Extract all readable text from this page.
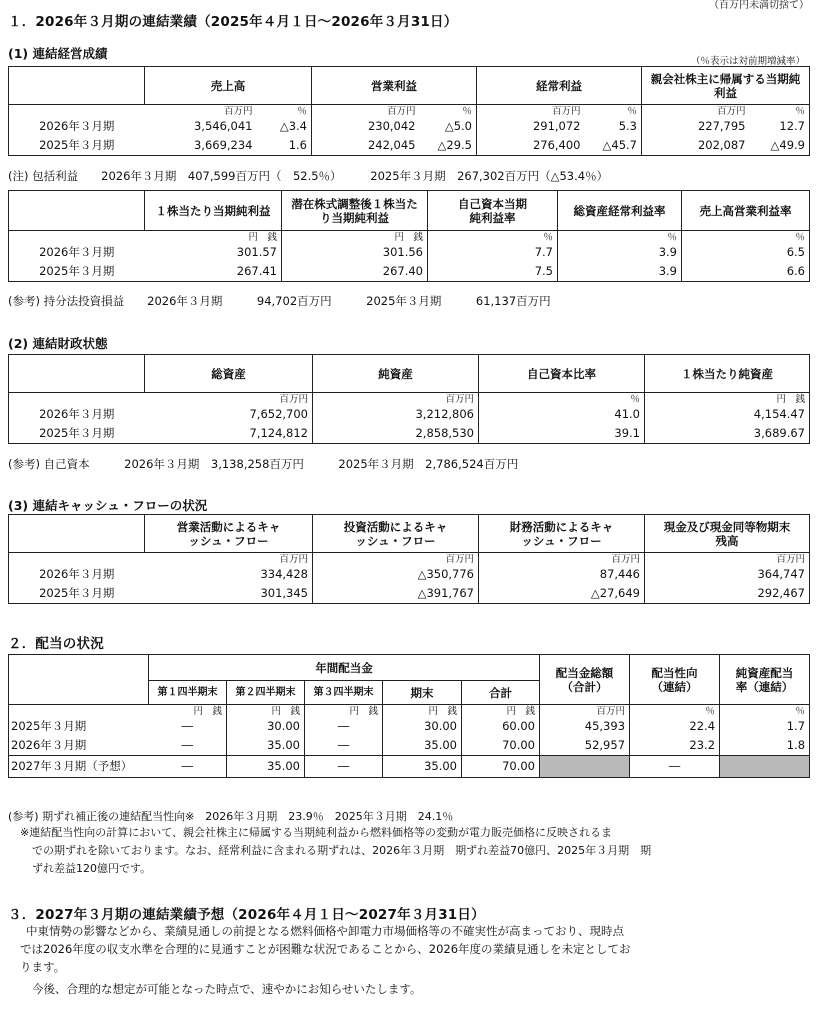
（百万円未満切捨て）
１．2026年３月期の連結業績（2025年４月１日～2026年３月31日）
(1) 連結経営成績
（％表示は対前期増減率）
	売上高		営業利益		経常利益		親会社株主に帰属する当期純利益	
	百万円	％	百万円	％	百万円	％	百万円	％
2026年３月期	3,546,041	△3.4	230,042	△5.0	291,072	5.3	227,795	12.7
2025年３月期	3,669,234	1.6	242,045	△29.5	276,400	△45.7	202,087	△49.9
(注) 包括利益　　2026年３月期　407,599百万円（　52.5％）　　　2025年３月期　267,302百万円（△53.4％）
	１株当たり当期純利益	潜在株式調整後１株当たり当期純利益	自己資本当期純利益率	総資産経常利益率	売上高営業利益率
	円　銭	円　銭	％	％	％
2026年３月期	301.57	301.56	7.7	3.9	6.5
2025年３月期	267.41	267.40	7.5	3.9	6.6
(参考) 持分法投資損益　　2026年３月期　　　94,702百万円　　　2025年３月期　　　61,137百万円
(2) 連結財政状態
	総資産	純資産	自己資本比率	１株当たり純資産
	百万円	百万円	％	円　銭
2026年３月期	7,652,700	3,212,806	41.0	4,154.47
2025年３月期	7,124,812	2,858,530	39.1	3,689.67
(参考) 自己資本　　　2026年３月期　3,138,258百万円　　　2025年３月期　2,786,524百万円
(3) 連結キャッシュ・フローの状況
	営業活動によるキャッシュ・フロー	投資活動によるキャッシュ・フロー	財務活動によるキャッシュ・フロー	現金及び現金同等物期末残高
	百万円	百万円	百万円	百万円
2026年３月期	334,428	△350,776	87,446	364,747
2025年３月期	301,345	△391,767	△27,649	292,467
２．配当の状況
	年間配当金					配当金総額（合計）	配当性向（連結）	純資産配当率（連結）
	第１四半期末	第２四半期末	第３四半期末	期末	合計			
	円　銭	円　銭	円　銭	円　銭	円　銭	百万円	％	％
2025年３月期	―	30.00	―	30.00	60.00	45,393	22.4	1.7
2026年３月期	―	35.00	―	35.00	70.00	52,957	23.2	1.8
2027年３月期（予想）	―	35.00	―	35.00	70.00		―	
(参考) 期ずれ補正後の連結配当性向※　2026年３月期　23.9％　2025年３月期　24.1％
※連結配当性向の計算において、親会社株主に帰属する当期純利益から燃料価格等の変動が電力販売価格に反映されるま
での期ずれを除いております。なお、経常利益に含まれる期ずれは、2026年３月期　期ずれ差益70億円、2025年３月期　期
ずれ差益120億円です。
３．2027年３月期の連結業績予想（2026年４月１日～2027年３月31日）
中東情勢の影響などから、業績見通しの前提となる燃料価格や卸電力市場価格等の不確実性が高まっており、現時点
では2026年度の収支水準を合理的に見通すことが困難な状況であることから、2026年度の業績見通しを未定としてお
ります。
今後、合理的な想定が可能となった時点で、速やかにお知らせいたします。
